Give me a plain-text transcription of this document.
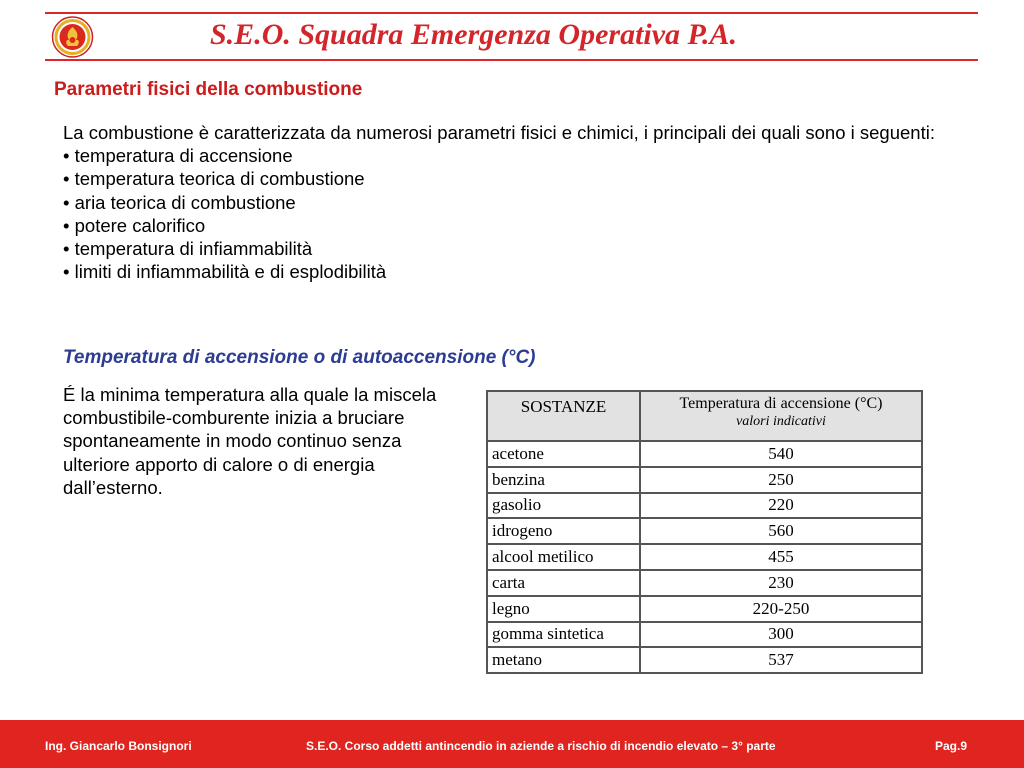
S.E.O. Squadra Emergenza Operativa P.A.
Parametri fisici della combustione

La combustione è caratterizzata da numerosi parametri fisici e chimici, i principali dei quali sono i seguenti:

• temperatura di accensione
• temperatura teorica di combustione
• aria teorica di combustione
• potere calorifico
• temperatura di infiammabilità
• limiti di infiammabilità e di esplodibilità
Temperatura di accensione o di autoaccensione (°C)

É la minima temperatura alla quale la miscela combustibile-comburente inizia a bruciare spontaneamente in modo continuo senza ulteriore apporto di calore o di energia dall’esterno.

SOSTANZE	Temperatura di accensione (°C)
valori indicativi

acetone	540
benzina	250
gasolio	220
idrogeno	560
alcool metilico	455
carta	230
legno	220-250
gomma sintetica	300
metano	537
Ing. Giancarlo Bonsignori	S.E.O. Corso addetti antincendio in aziende a rischio di incendio elevato – 3° parte	Pag.9
